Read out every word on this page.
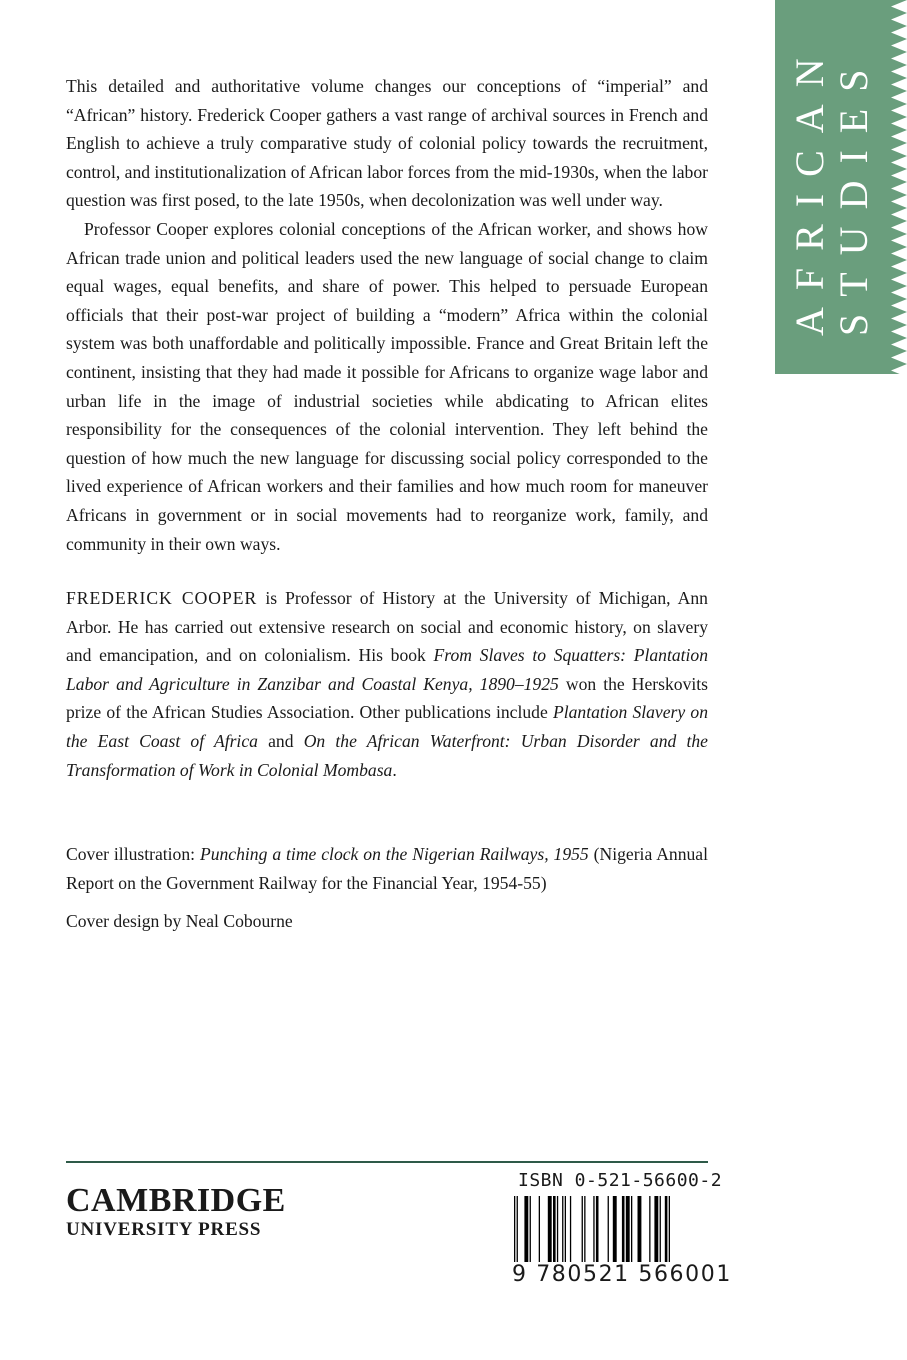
AFRICAN STUDIES

This detailed and authoritative volume changes our conceptions of “imperial” and “African” history. Frederick Cooper gathers a vast range of archival sources in French and English to achieve a truly comparative study of colonial policy towards the recruitment, control, and institutionalization of African labor forces from the mid-1930s, when the labor question was first posed, to the late 1950s, when decolonization was well under way.

Professor Cooper explores colonial conceptions of the African worker, and shows how African trade union and political leaders used the new language of social change to claim equal wages, equal benefits, and share of power. This helped to persuade European officials that their post-war project of building a “modern” Africa within the colonial system was both unaffordable and politically impossible. France and Great Britain left the continent, insisting that they had made it possible for Africans to organize wage labor and urban life in the image of industrial societies while abdicating to African elites responsibility for the consequences of the colonial intervention. They left behind the question of how much the new language for discussing social policy corresponded to the lived experience of African workers and their families and how much room for maneuver Africans in government or in social movements had to reorganize work, family, and community in their own ways.

FREDERICK COOPER is Professor of History at the University of Michigan, Ann Arbor. He has carried out extensive research on social and economic history, on slavery and emancipation, and on colonialism. His book From Slaves to Squatters: Plantation Labor and Agriculture in Zanzibar and Coastal Kenya, 1890–1925 won the Herskovits prize of the African Studies Association. Other publications include Plantation Slavery on the East Coast of Africa and On the African Waterfront: Urban Disorder and the Transformation of Work in Colonial Mombasa.

Cover illustration: Punching a time clock on the Nigerian Railways, 1955 (Nigeria Annual Report on the Government Railway for the Financial Year, 1954-55)

Cover design by Neal Cobourne

CAMBRIDGE
UNIVERSITY PRESS
ISBN 0-521-56600-2
9 780521 566001
